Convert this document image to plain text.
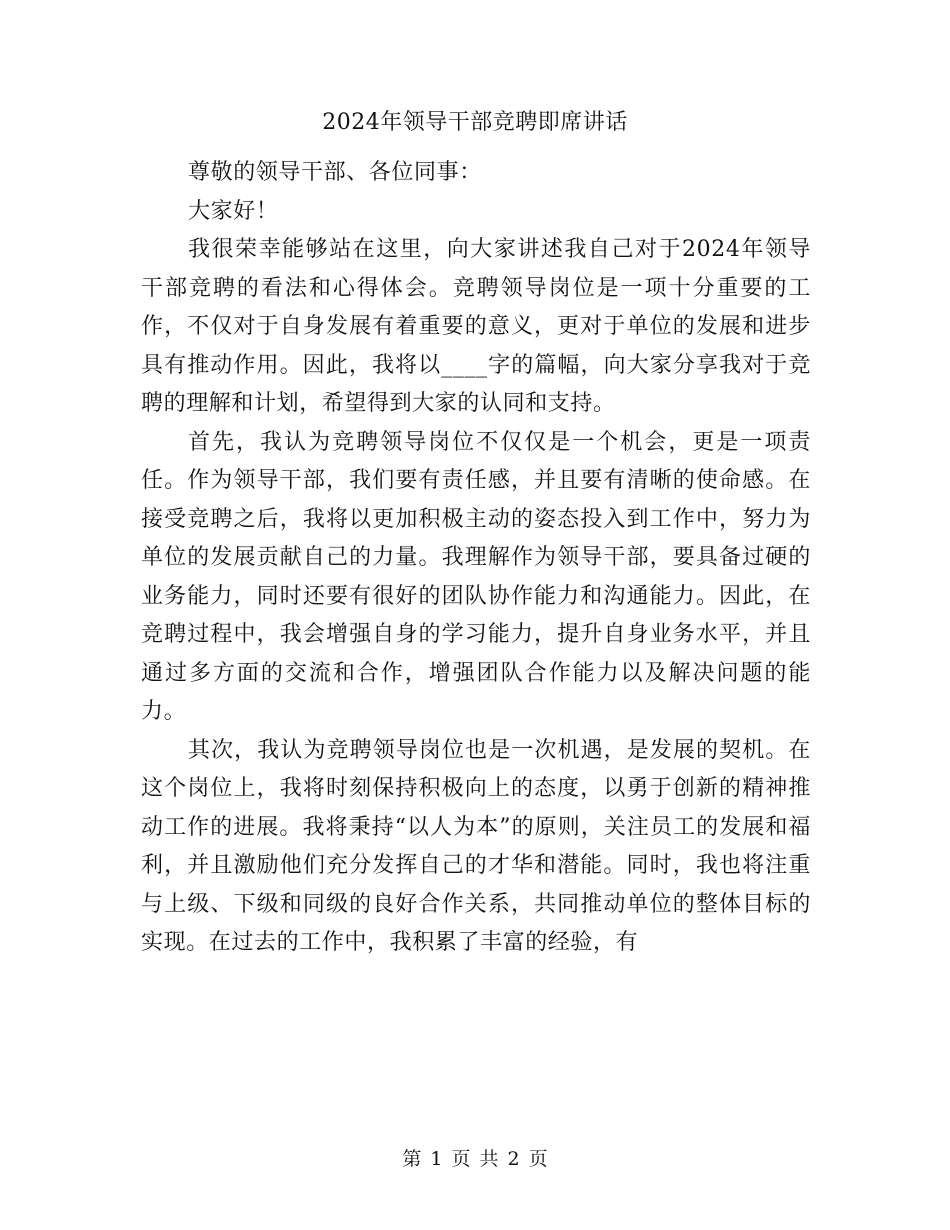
2024年领导干部竞聘即席讲话

尊敬的领导干部、各位同事：

大家好！

我很荣幸能够站在这里，向大家讲述我自己对于2024年领导干部竞聘的看法和心得体会。竞聘领导岗位是一项十分重要的工作，不仅对于自身发展有着重要的意义，更对于单位的发展和进步具有推动作用。因此，我将以____字的篇幅，向大家分享我对于竞聘的理解和计划，希望得到大家的认同和支持。

首先，我认为竞聘领导岗位不仅仅是一个机会，更是一项责任。作为领导干部，我们要有责任感，并且要有清晰的使命感。在接受竞聘之后，我将以更加积极主动的姿态投入到工作中，努力为单位的发展贡献自己的力量。我理解作为领导干部，要具备过硬的业务能力，同时还要有很好的团队协作能力和沟通能力。因此，在竞聘过程中，我会增强自身的学习能力，提升自身业务水平，并且通过多方面的交流和合作，增强团队合作能力以及解决问题的能力。

其次，我认为竞聘领导岗位也是一次机遇，是发展的契机。在这个岗位上，我将时刻保持积极向上的态度，以勇于创新的精神推动工作的进展。我将秉持“以人为本”的原则，关注员工的发展和福利，并且激励他们充分发挥自己的才华和潜能。同时，我也将注重与上级、下级和同级的良好合作关系，共同推动单位的整体目标的实现。在过去的工作中，我积累了丰富的经验，有

第 1 页 共 2 页
